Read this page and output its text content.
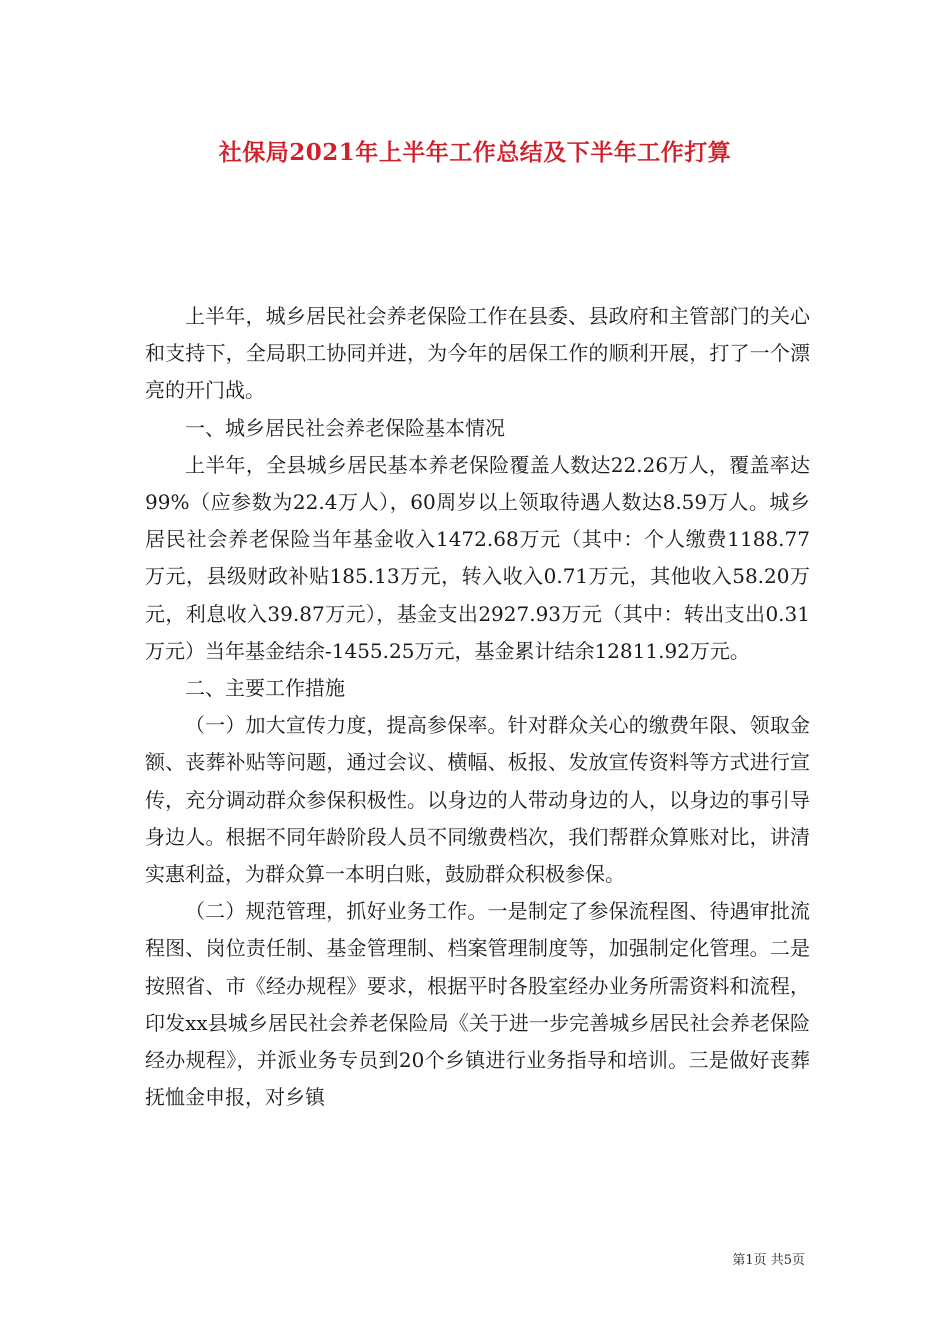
社保局2021年上半年工作总结及下半年工作打算

上半年，城乡居民社会养老保险工作在县委、县政府和主管部门的关心和支持下，全局职工协同并进，为今年的居保工作的顺利开展，打了一个漂亮的开门战。

一、城乡居民社会养老保险基本情况

上半年，全县城乡居民基本养老保险覆盖人数达22.26万人，覆盖率达99%（应参数为22.4万人），60周岁以上领取待遇人数达8.59万人。城乡居民社会养老保险当年基金收入1472.68万元（其中：个人缴费1188.77万元，县级财政补贴185.13万元，转入收入0.71万元，其他收入58.20万元，利息收入39.87万元），基金支出2927.93万元（其中：转出支出0.31万元）当年基金结余-1455.25万元，基金累计结余12811.92万元。

二、主要工作措施

（一）加大宣传力度，提高参保率。针对群众关心的缴费年限、领取金额、丧葬补贴等问题，通过会议、横幅、板报、发放宣传资料等方式进行宣传，充分调动群众参保积极性。以身边的人带动身边的人，以身边的事引导身边人。根据不同年龄阶段人员不同缴费档次，我们帮群众算账对比，讲清实惠利益，为群众算一本明白账，鼓励群众积极参保。

（二）规范管理，抓好业务工作。一是制定了参保流程图、待遇审批流程图、岗位责任制、基金管理制、档案管理制度等，加强制定化管理。二是按照省、市《经办规程》要求，根据平时各股室经办业务所需资料和流程，印发xx县城乡居民社会养老保险局《关于进一步完善城乡居民社会养老保险经办规程》，并派业务专员到20个乡镇进行业务指导和培训。三是做好丧葬抚恤金申报，对乡镇

第1页 共5页
